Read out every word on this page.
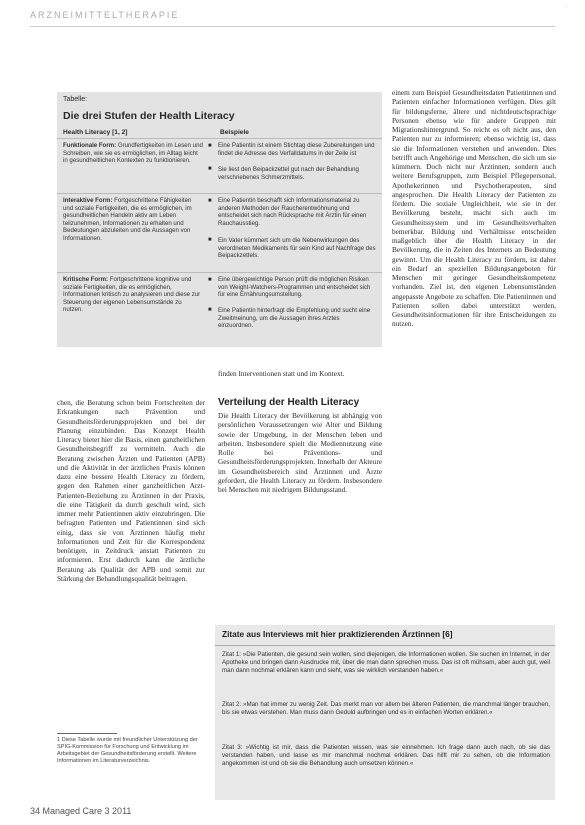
'
ARZNEIMITTELTHERAPIE
Tabelle:
Die drei Stufen der Health Literacy
Health Literacy [1, 2]	Beispiele
Funktionale Form: Grundfertigkeiten im Lesen und Schreiben, wie sie es ermöglichen, im Alltag leicht in gesundheitlichen Kontexten zu funktionieren.
■ Eine Patientin ist einem Stichtag diese Zubereitungen und findet die Adresse des Verfalldatums in der Zeile ist
■ Sie liest den Beipackzettel gut nach der Behandlung verschriebenes Schmerzmittels.
Interaktive Form: Fortgeschrittene Fähigkeiten und soziale Fertigkeiten, die es ermöglichen, im gesundheitlichen Handeln aktiv am Leben teilzunehmen, Informationen zu erhalten und Bedeutungen abzuleiten und die Aussagen von Informationen.
■ Eine Patientin beschafft sich Informationsmaterial zu anderen Methoden der Raucherentwöhnung und entscheidet sich nach Rücksprache mit Ärztin für einen Rauchausstieg.
■ Ein Vater kümmert sich um die Nebenwirkungen des verordneten Medikaments für sein Kind auf Nachfrage des Beipackzettels.
Kritische Form: Fortgeschrittene kognitive und soziale Fertigkeiten, die es ermöglichen, Informationen kritisch zu analysieren und diese zur Steuerung der eigenen Lebensumstände zu nutzen.
■ Eine übergewichtige Person prüft die möglichen Risiken von Weight-Watchers-Programmen und entscheidet sich für eine Ernährungsumstellung.
■ Eine Patientin hinterfragt die Empfehlung und sucht eine Zweitmeinung, um die Aussagen ihres Arztes einzuordnen.

einem zum Beispiel Gesundheitsdaten Patientinnen und Patienten einfacher Informationen verfügen. Dies gilt für bildungsferne, ältere und nichtdeutschsprachige Personen ebenso wie für andere Gruppen mit Migrationshintergrund. So reicht es oft nicht aus, den Patienten nur zu informieren; ebenso wichtig ist, dass sie die Informationen verstehen und anwenden. Dies betrifft auch Angehörige und Menschen, die sich um sie kümmern. Doch nicht nur Ärztinnen, sondern auch weitere Berufsgruppen, zum Beispiel Pflegepersonal, Apothekerinnen und Psychotherapeuten, sind angesprochen. Die Health Literacy der Patienten zu fördern. Die soziale Ungleichheit, wie sie in der Bevölkerung besteht, macht sich auch im Gesundheitssystem und im Gesundheitsverhalten bemerkbar. Bildung und Verhältnisse entscheiden maßgeblich über die Health Literacy in der Bevölkerung, die in Zeiten des Internets an Bedeutung gewinnt. Um die Health Literacy zu fördern, ist daher ein Bedarf an speziellen Bildungsangeboten für Menschen mit geringer Gesundheitskompetenz vorhanden. Ziel ist, den eigenen Lebensumständen angepasste Angebote zu schaffen. Die Patientinnen und Patienten sollen dabei unterstützt werden, Gesundheitsinformationen für ihre Entscheidungen zu nutzen.

chen, die Beratung schon beim Fortschreiten der Erkrankungen nach Prävention und Gesundheitsförderungsprojekten und bei der Planung einzubinden. Das Konzept Health Literacy bietet hier die Basis, einen ganzheitlichen Gesundheitsbegriff zu vermitteln. Auch die Beratung zwischen Ärzten und Patienten (APB) und die Aktivität in der ärztlichen Praxis können dazu eine bessere Health Literacy zu fördern, gegen den Rahmen einer ganzheitlichen Arzt-Patienten-Beziehung zu Ärztinnen in der Praxis, die eine Tätigkeit da durch geschult wird, sich immer mehr Patientinnen aktiv einzubringen. Die befragten Patienten und Patientinnen sind sich einig, dass sie von Ärztinnen häufig mehr Informationen und Zeit für die Korrespondenz benötigen, in Zeitdruck anstatt Patienten zu informieren. Erst dadurch kann die ärztliche Beratung als Qualität der APB und somit zur Stärkung der Behandlungsqualität beitragen.

finden Interventionen statt und im Kontext.

Verteilung der Health Literacy

Die Health Literacy der Bevölkerung ist abhängig von persönlichen Voraussetzungen wie Alter und Bildung sowie der Umgebung, in der Menschen leben und arbeiten. Insbesondere spielt die Mediennutzung eine Rolle bei Präventions- und Gesundheitsförderungsprojekten. Innerhalb der Akteure im Gesundheitsbereich sind Ärztinnen und Ärzte gefordert, die Health Literacy zu fördern. Insbesondere bei Menschen mit niedrigem Bildungsstand.

Zitate aus Interviews mit hier praktizierenden Ärztinnen [6]

Zitat 1: »Die Patienten, die gesund sein wollen, sind diejenigen, die Informationen wollen. Sie suchen im Internet, in der Apotheke und bringen dann Ausdrucke mit, über die man dann sprechen muss. Das ist oft mühsam, aber auch gut, weil man dann nochmal erklären kann und sieht, was sie wirklich verstanden haben.«

Zitat 2: »Man hat immer zu wenig Zeit. Das merkt man vor allem bei älteren Patienten, die manchmal länger brauchen, bis sie etwas verstehen. Man muss dann Geduld aufbringen und es in einfachen Worten erklären.«

Zitat 3: »Wichtig ist mir, dass die Patienten wissen, was sie einnehmen. Ich frage dann auch nach, ob sie das verstanden haben, und lasse es mir manchmal nochmal erklären. Das hilft mir zu sehen, ob die Information angekommen ist und ob sie die Behandlung auch umsetzen können.«

1 Diese Tabelle wurde mit freundlicher Unterstützung der SPIG-Kommission für Forschung und Entwicklung im Arbeitsgebiet der Gesundheitsförderung erstellt. Weitere Informationen im Literaturverzeichnis.

34 Managed Care 3 2011
